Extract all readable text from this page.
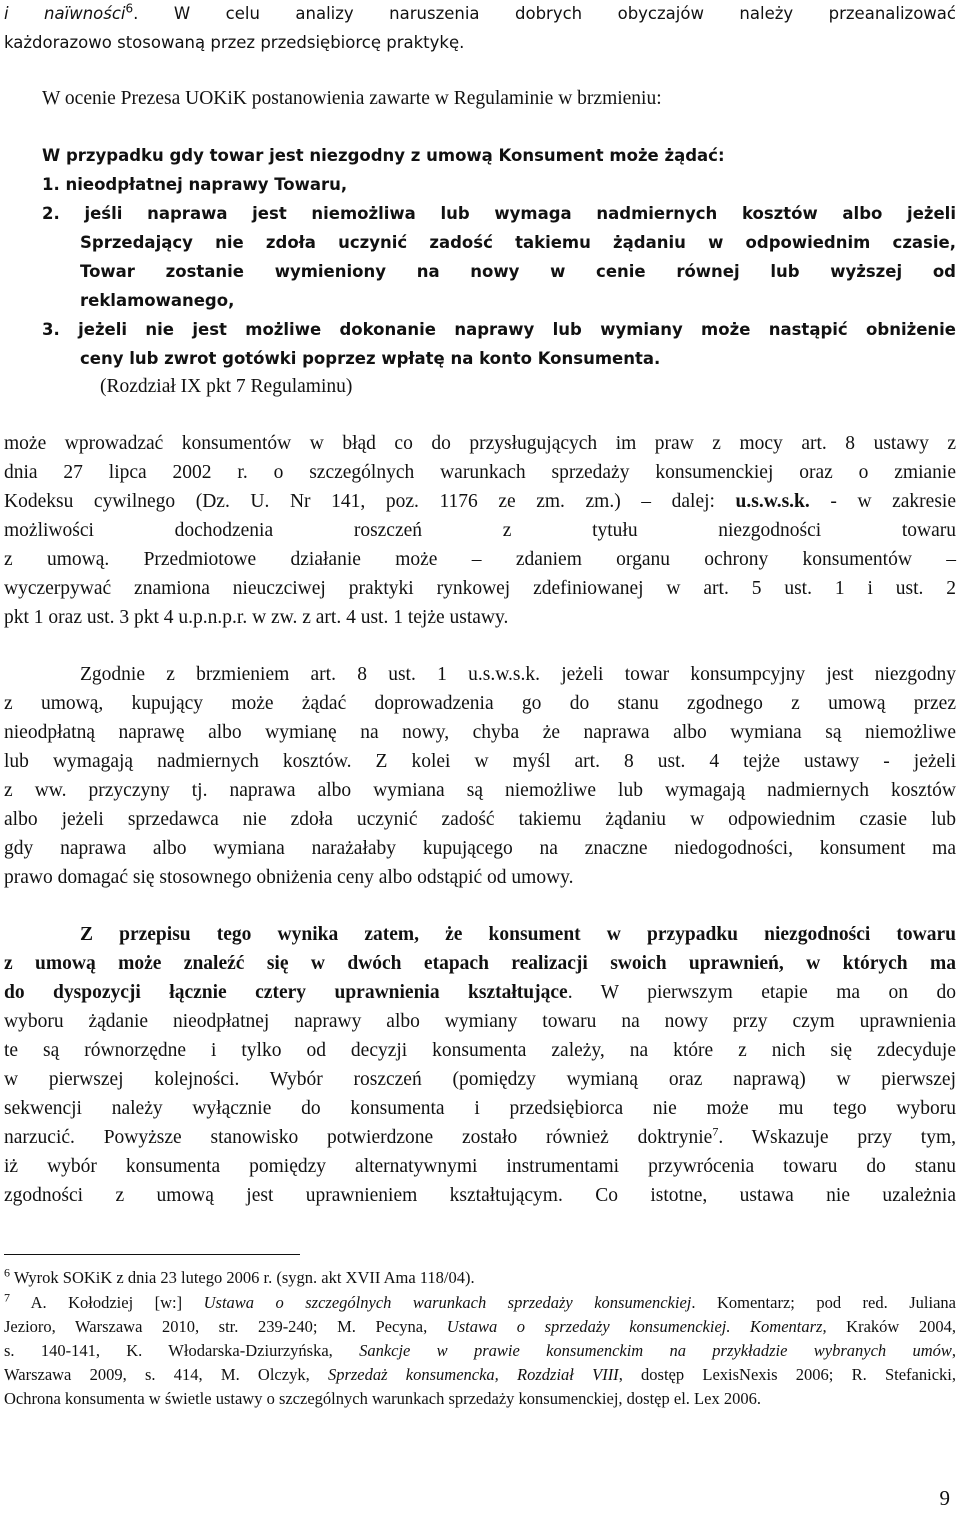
i naïwności$^6$. W celu analizy naruszenia dobrych obyczajów należy przeanalizować
każdorazowo stosowaną przez przedsiębiorcę praktykę.
W ocenie Prezesa UOKiK postanowienia zawarte w Regulaminie w brzmieniu:
W przypadku gdy towar jest niezgodny z umową Konsument może żądać:
1. nieodpłatnej naprawy Towaru,
2. jeśli naprawa jest niemożliwa lub wymaga nadmiernych kosztów albo jeżeli
Sprzedający nie zdoła uczynić zadość takiemu żądaniu w odpowiednim czasie,
Towar zostanie wymieniony na nowy w cenie równej lub wyższej od
reklamowanego,
3. jeżeli nie jest możliwe dokonanie naprawy lub wymiany może nastąpić obniżenie
ceny lub zwrot gotówki poprzez wpłatę na konto Konsumenta.
(Rozdział IX pkt 7 Regulaminu)
może wprowadzać konsumentów w błąd co do przysługujących im praw z mocy art. 8 ustawy z
dnia 27 lipca 2002 r. o szczególnych warunkach sprzedaży konsumenckiej oraz o zmianie
Kodeksu cywilnego (Dz. U. Nr 141, poz. 1176 ze zm. zm.) – dalej: u.s.w.s.k. - w zakresie
możliwości dochodzenia roszczeń z tytułu niezgodności towaru
z umową. Przedmiotowe działanie może – zdaniem organu ochrony konsumentów –
wyczerpywać znamiona nieuczciwej praktyki rynkowej zdefiniowanej w art. 5 ust. 1 i ust. 2
pkt 1 oraz ust. 3 pkt 4 u.p.n.p.r. w zw. z art. 4 ust. 1 tejże ustawy.
Zgodnie z brzmieniem art. 8 ust. 1 u.s.w.s.k. jeżeli towar konsumpcyjny jest niezgodny
z umową, kupujący może żądać doprowadzenia go do stanu zgodnego z umową przez
nieodpłatną naprawę albo wymianę na nowy, chyba że naprawa albo wymiana są niemożliwe
lub wymagają nadmiernych kosztów. Z kolei w myśl art. 8 ust. 4 tejże ustawy - jeżeli
z ww. przyczyny tj. naprawa albo wymiana są niemożliwe lub wymagają nadmiernych kosztów
albo jeżeli sprzedawca nie zdoła uczynić zadość takiemu żądaniu w odpowiednim czasie lub
gdy naprawa albo wymiana narażałaby kupującego na znaczne niedogodności, konsument ma
prawo domagać się stosownego obniżenia ceny albo odstąpić od umowy.
Z przepisu tego wynika zatem, że konsument w przypadku niezgodności towaru
z umową może znaleźć się w dwóch etapach realizacji swoich uprawnień, w których ma
do dyspozycji łącznie cztery uprawnienia kształtujące. W pierwszym etapie ma on do
wyboru żądanie nieodpłatnej naprawy albo wymiany towaru na nowy przy czym uprawnienia
te są równorzędne i tylko od decyzji konsumenta zależy, na które z nich się zdecyduje
w pierwszej kolejności. Wybór roszczeń (pomiędzy wymianą oraz naprawą) w pierwszej
sekwencji należy wyłącznie do konsumenta i przedsiębiorca nie może mu tego wyboru
narzucić. Powyższe stanowisko potwierdzone zostało również doktrynie$^7$. Wskazuje przy tym,
iż wybór konsumenta pomiędzy alternatywnymi instrumentami przywrócenia towaru do stanu
zgodności z umową jest uprawnieniem kształtującym. Co istotne, ustawa nie uzależnia
$^6$ Wyrok SOKiK z dnia 23 lutego 2006 r. (sygn. akt XVII Ama 118/04).
$^7$ A. Kołodziej [w:] Ustawa o szczególnych warunkach sprzedaży konsumenckiej. Komentarz; pod red. Juliana
Jezioro, Warszawa 2010, str. 239-240; M. Pecyna, Ustawa o sprzedaży konsumenckiej. Komentarz, Kraków 2004,
s. 140-141, K. Włodarska-Dziurzyńska, Sankcje w prawie konsumenckim na przykładzie wybranych umów,
Warszawa 2009, s. 414, M. Olczyk, Sprzedaż konsumencka, Rozdział VIII, dostęp LexisNexis 2006; R. Stefanicki,
Ochrona konsumenta w świetle ustawy o szczególnych warunkach sprzedaży konsumenckiej, dostęp el. Lex 2006.
9
